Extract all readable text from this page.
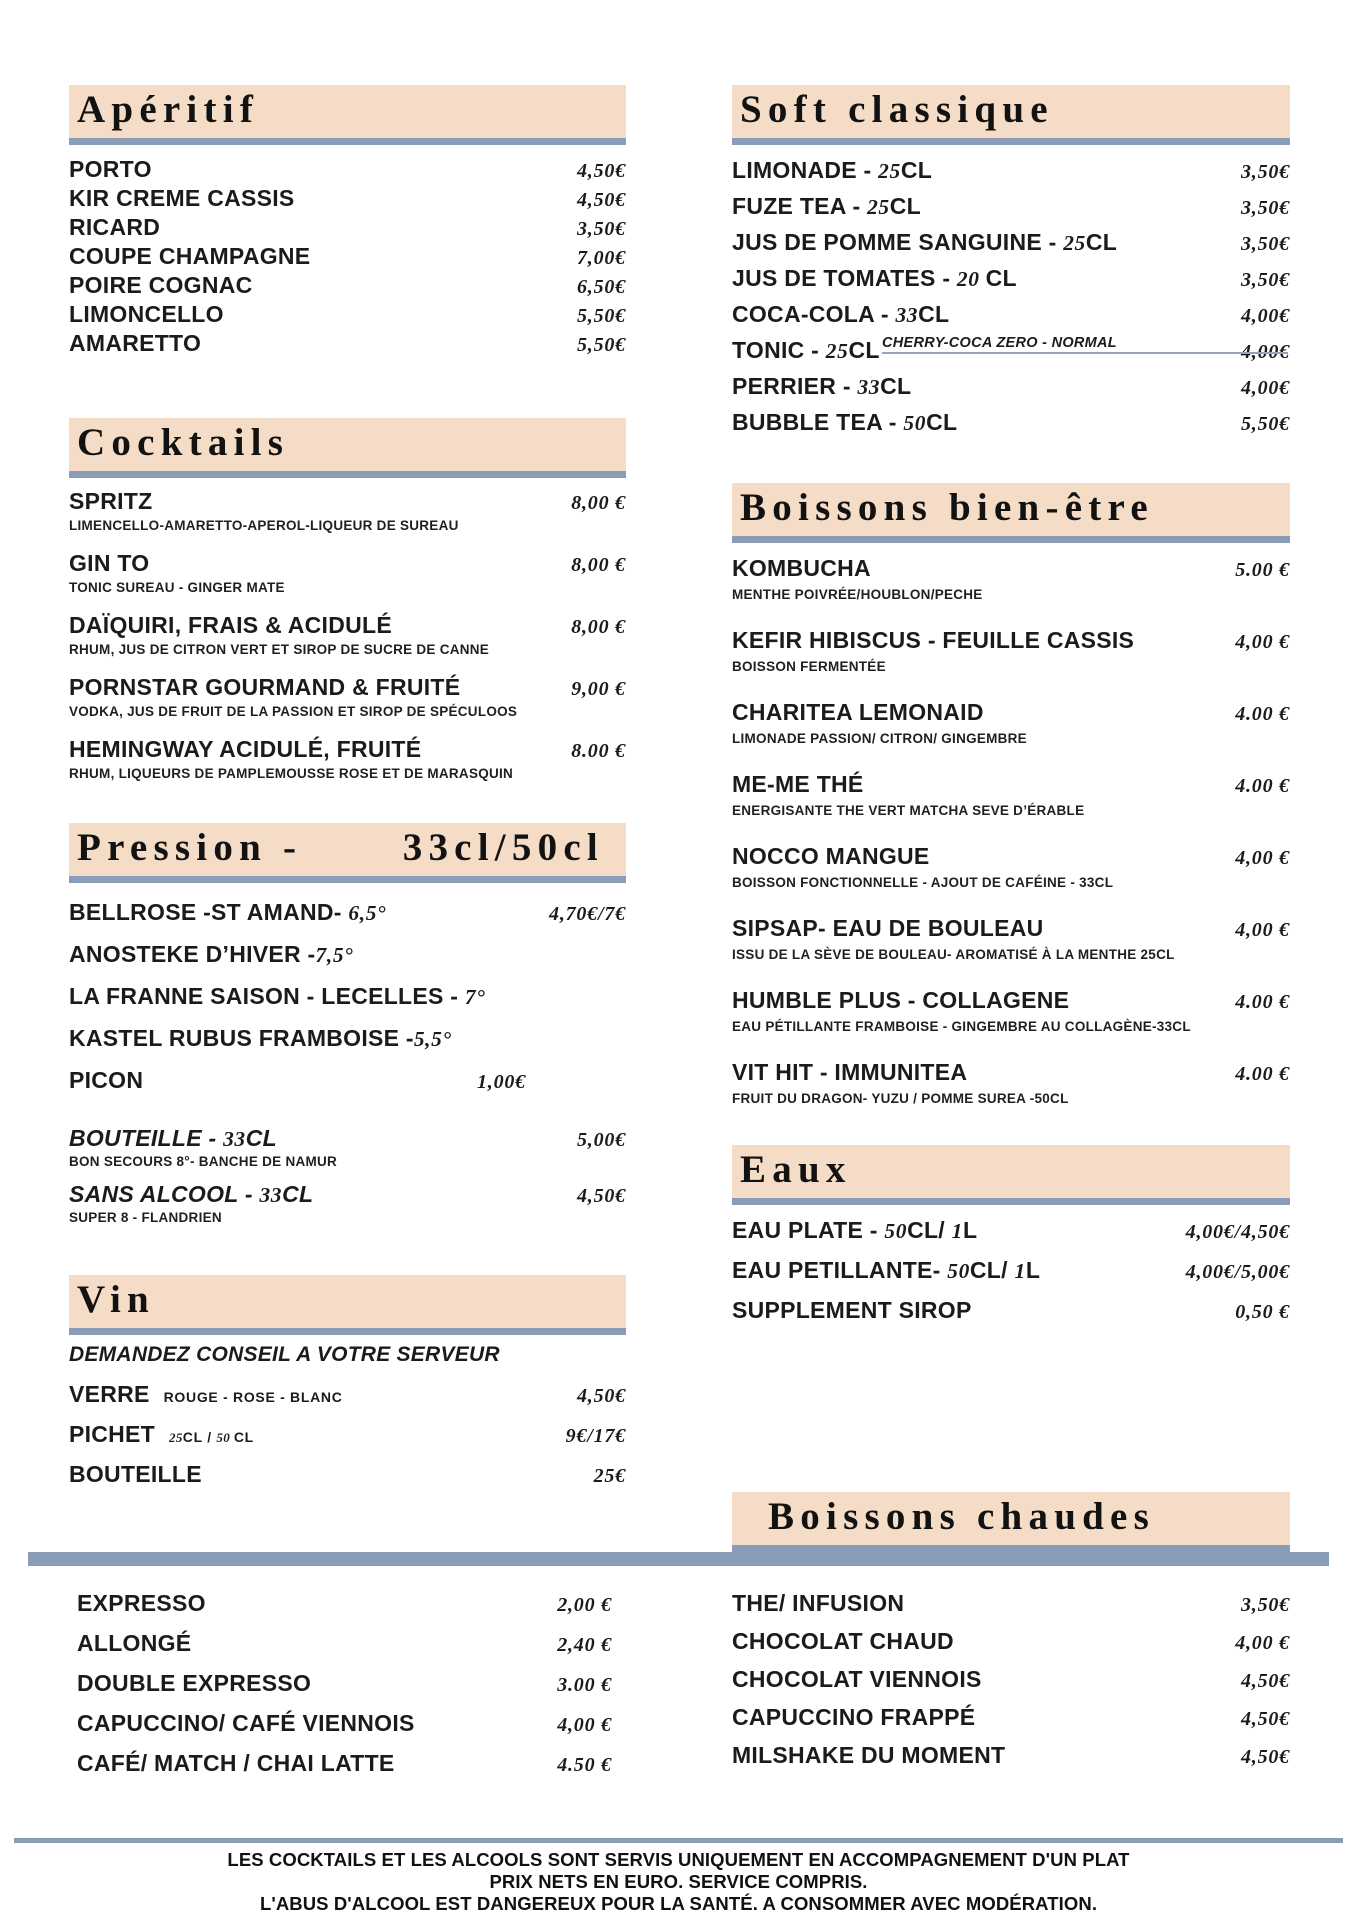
Apéritif
PORTO	4,50€
KIR CREME CASSIS	4,50€
RICARD	3,50€
COUPE CHAMPAGNE	7,00€
POIRE COGNAC	6,50€
LIMONCELLO	5,50€
AMARETTO	5,50€
Cocktails
SPRITZ	8,00 €
LIMENCELLO-AMARETTO-APEROL-LIQUEUR DE SUREAU
GIN TO	8,00 €
TONIC SUREAU - GINGER MATE
DAÏQUIRI, FRAIS & ACIDULÉ	8,00 €
RHUM, JUS DE CITRON VERT ET SIROP DE SUCRE DE CANNE
PORNSTAR GOURMAND & FRUITÉ	9,00 €
VODKA, JUS DE FRUIT DE LA PASSION ET SIROP DE SPÉCULOOS
HEMINGWAY ACIDULÉ, FRUITÉ	8.00 €
RHUM, LIQUEURS DE PAMPLEMOUSSE ROSE ET DE MARASQUIN
Pression -	33cl/50cl
BELLROSE -ST AMAND- 6,5°	4,70€/7€
ANOSTEKE D’HIVER -7,5°
LA FRANNE SAISON - LECELLES - 7°
KASTEL RUBUS FRAMBOISE -5,5°
PICON	1,00€
BOUTEILLE - 33CL	5,00€
BON SECOURS 8°- BANCHE DE NAMUR
SANS ALCOOL - 33CL	4,50€
SUPER 8 - FLANDRIEN
Vin
DEMANDEZ CONSEIL A VOTRE SERVEUR
VERRE ROUGE - ROSE - BLANC	4,50€
PICHET 25CL / 50 CL	9€/17€
BOUTEILLE	25€
Soft classique
LIMONADE - 25CL	3,50€
FUZE TEA - 25CL	3,50€
JUS DE POMME SANGUINE - 25CL	3,50€
JUS DE TOMATES - 20 CL	3,50€
COCA-COLA - 33CL	4,00€
TONIC - 25CL CHERRY-COCA ZERO - NORMAL	4,00€
PERRIER - 33CL	4,00€
BUBBLE TEA - 50CL	5,50€
Boissons bien-être
KOMBUCHA	5.00 €
MENTHE POIVRÉE/HOUBLON/PECHE
KEFIR HIBISCUS - FEUILLE CASSIS	4,00 €
BOISSON FERMENTÉE
CHARITEA LEMONAID	4.00 €
LIMONADE PASSION/ CITRON/ GINGEMBRE
ME-ME THÉ	4.00 €
ENERGISANTE THE VERT MATCHA SEVE D’ÉRABLE
NOCCO MANGUE	4,00 €
BOISSON FONCTIONNELLE - AJOUT DE CAFÉINE - 33CL
SIPSAP- EAU DE BOULEAU	4,00 €
ISSU DE LA SÈVE DE BOULEAU- AROMATISÉ À LA MENTHE 25CL
HUMBLE PLUS - COLLAGENE	4.00 €
EAU PÉTILLANTE FRAMBOISE - GINGEMBRE AU COLLAGÈNE-33CL
VIT HIT - IMMUNITEA	4.00 €
FRUIT DU DRAGON- YUZU / POMME SUREA -50CL
Eaux
EAU PLATE - 50CL/ 1L	4,00€/4,50€
EAU PETILLANTE- 50CL/ 1L	4,00€/5,00€
SUPPLEMENT SIROP	0,50 €
Boissons chaudes
EXPRESSO	2,00 €
ALLONGÉ	2,40 €
DOUBLE EXPRESSO	3.00 €
CAPUCCINO/ CAFÉ VIENNOIS	4,00 €
CAFÉ/ MATCH / CHAI LATTE	4.50 €
THE/ INFUSION	3,50€
CHOCOLAT CHAUD	4,00 €
CHOCOLAT VIENNOIS	4,50€
CAPUCCINO FRAPPÉ	4,50€
MILSHAKE DU MOMENT	4,50€
LES COCKTAILS ET LES ALCOOLS SONT SERVIS UNIQUEMENT EN ACCOMPAGNEMENT D'UN PLAT
PRIX NETS EN EURO. SERVICE COMPRIS.
L'ABUS D'ALCOOL EST DANGEREUX POUR LA SANTÉ. A CONSOMMER AVEC MODÉRATION.
